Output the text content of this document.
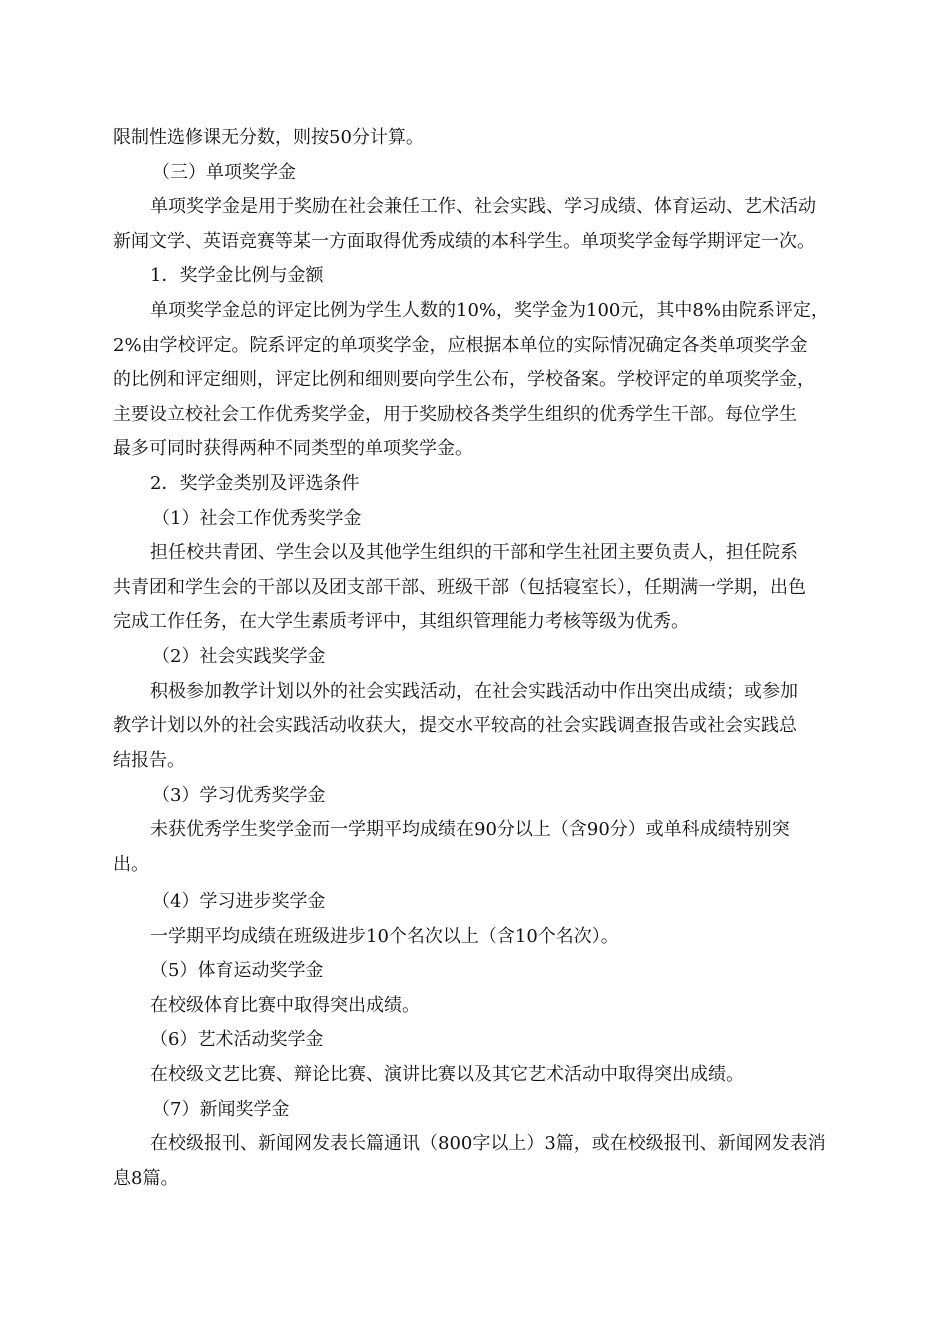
限制性选修课无分数，则按50分计算。
（三）单项奖学金
单项奖学金是用于奖励在社会兼任工作、社会实践、学习成绩、体育运动、艺术活动
新闻文学、英语竞赛等某一方面取得优秀成绩的本科学生。单项奖学金每学期评定一次。
1．奖学金比例与金额
单项奖学金总的评定比例为学生人数的10%，奖学金为100元，其中8%由院系评定，
2%由学校评定。院系评定的单项奖学金，应根据本单位的实际情况确定各类单项奖学金
的比例和评定细则，评定比例和细则要向学生公布，学校备案。学校评定的单项奖学金，
主要设立校社会工作优秀奖学金，用于奖励校各类学生组织的优秀学生干部。每位学生
最多可同时获得两种不同类型的单项奖学金。
2．奖学金类别及评选条件
（1）社会工作优秀奖学金
担任校共青团、学生会以及其他学生组织的干部和学生社团主要负责人，担任院系
共青团和学生会的干部以及团支部干部、班级干部（包括寝室长），任期满一学期，出色
完成工作任务，在大学生素质考评中，其组织管理能力考核等级为优秀。
（2）社会实践奖学金
积极参加教学计划以外的社会实践活动，在社会实践活动中作出突出成绩；或参加
教学计划以外的社会实践活动收获大，提交水平较高的社会实践调查报告或社会实践总
结报告。
（3）学习优秀奖学金
未获优秀学生奖学金而一学期平均成绩在90分以上（含90分）或单科成绩特别突
出。
（4）学习进步奖学金
一学期平均成绩在班级进步10个名次以上（含10个名次）。
（5）体育运动奖学金
在校级体育比赛中取得突出成绩。
（6）艺术活动奖学金
在校级文艺比赛、辩论比赛、演讲比赛以及其它艺术活动中取得突出成绩。
（7）新闻奖学金
在校级报刊、新闻网发表长篇通讯（800字以上）3篇，或在校级报刊、新闻网发表消
息8篇。
